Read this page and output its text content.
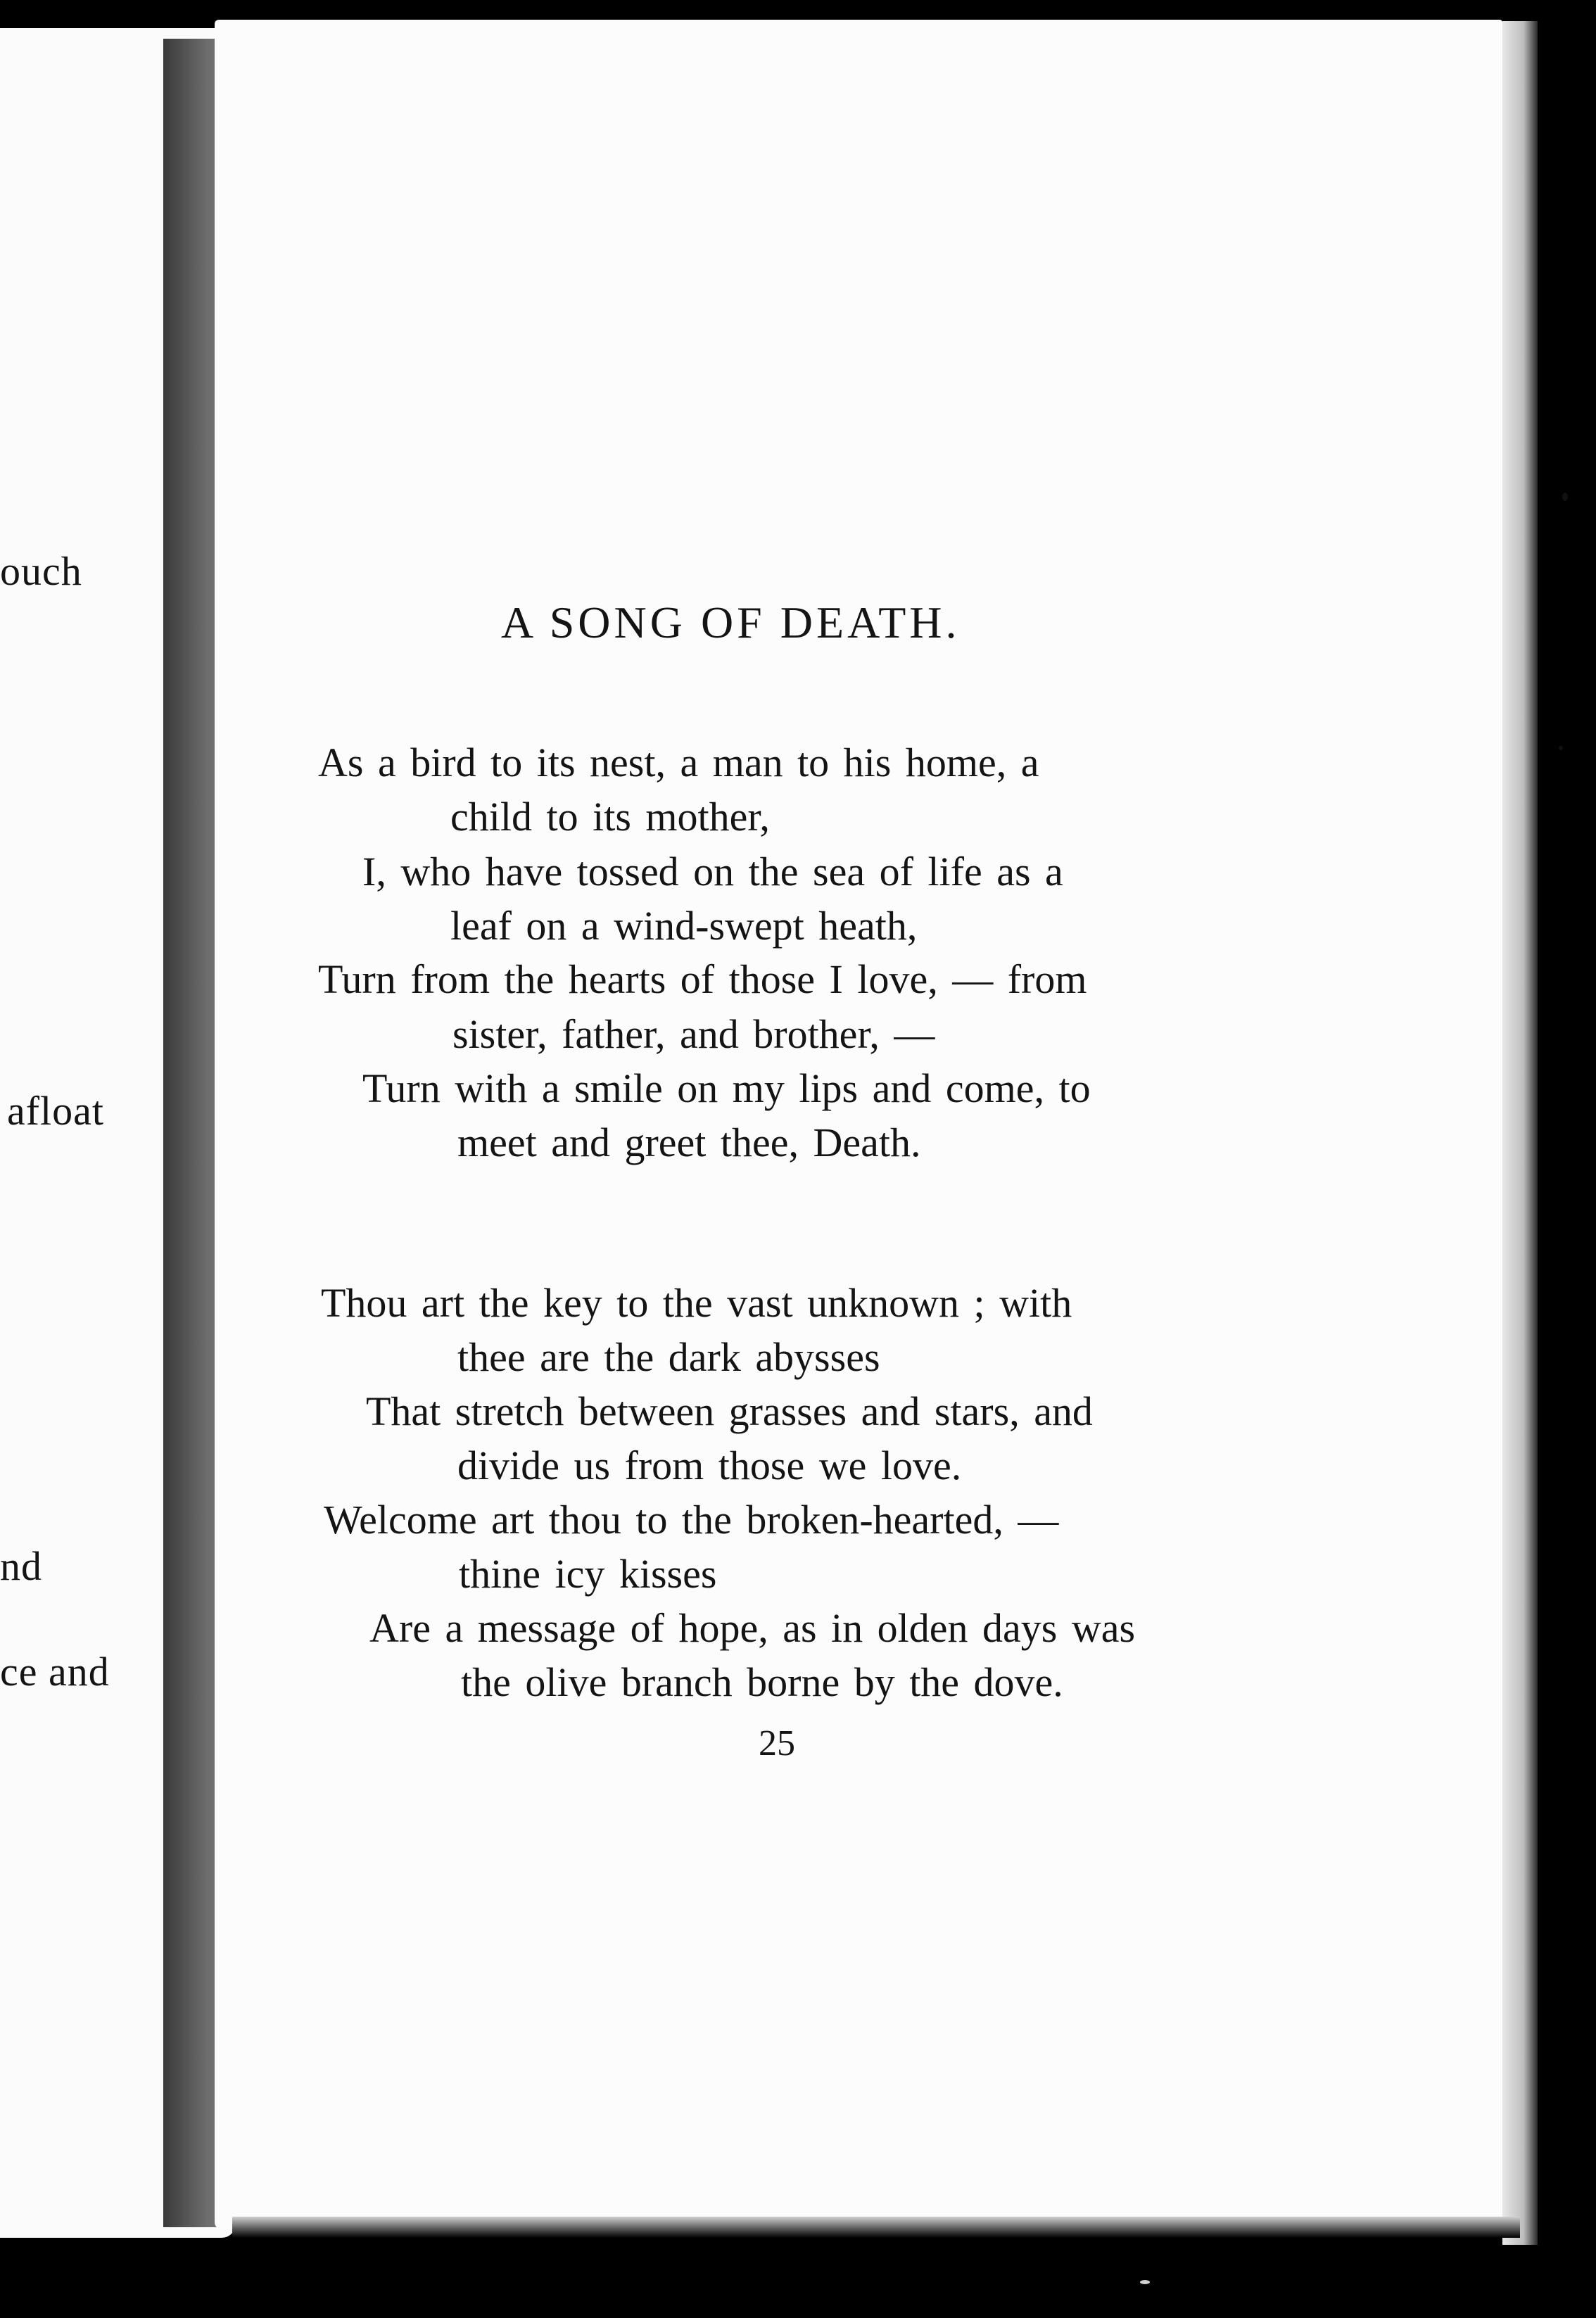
ouch
afloat
nd
ce and
A SONG OF DEATH.
As a bird to its nest, a man to his home, a
child to its mother,
I, who have tossed on the sea of life as a
leaf on a wind-swept heath,
Turn from the hearts of those I love, — from
sister, father, and brother, —
Turn with a smile on my lips and come, to
meet and greet thee, Death.
Thou art the key to the vast unknown ; with
thee are the dark abysses
That stretch between grasses and stars, and
divide us from those we love.
Welcome art thou to the broken-hearted, —
thine icy kisses
Are a message of hope, as in olden days was
the olive branch borne by the dove.
25
